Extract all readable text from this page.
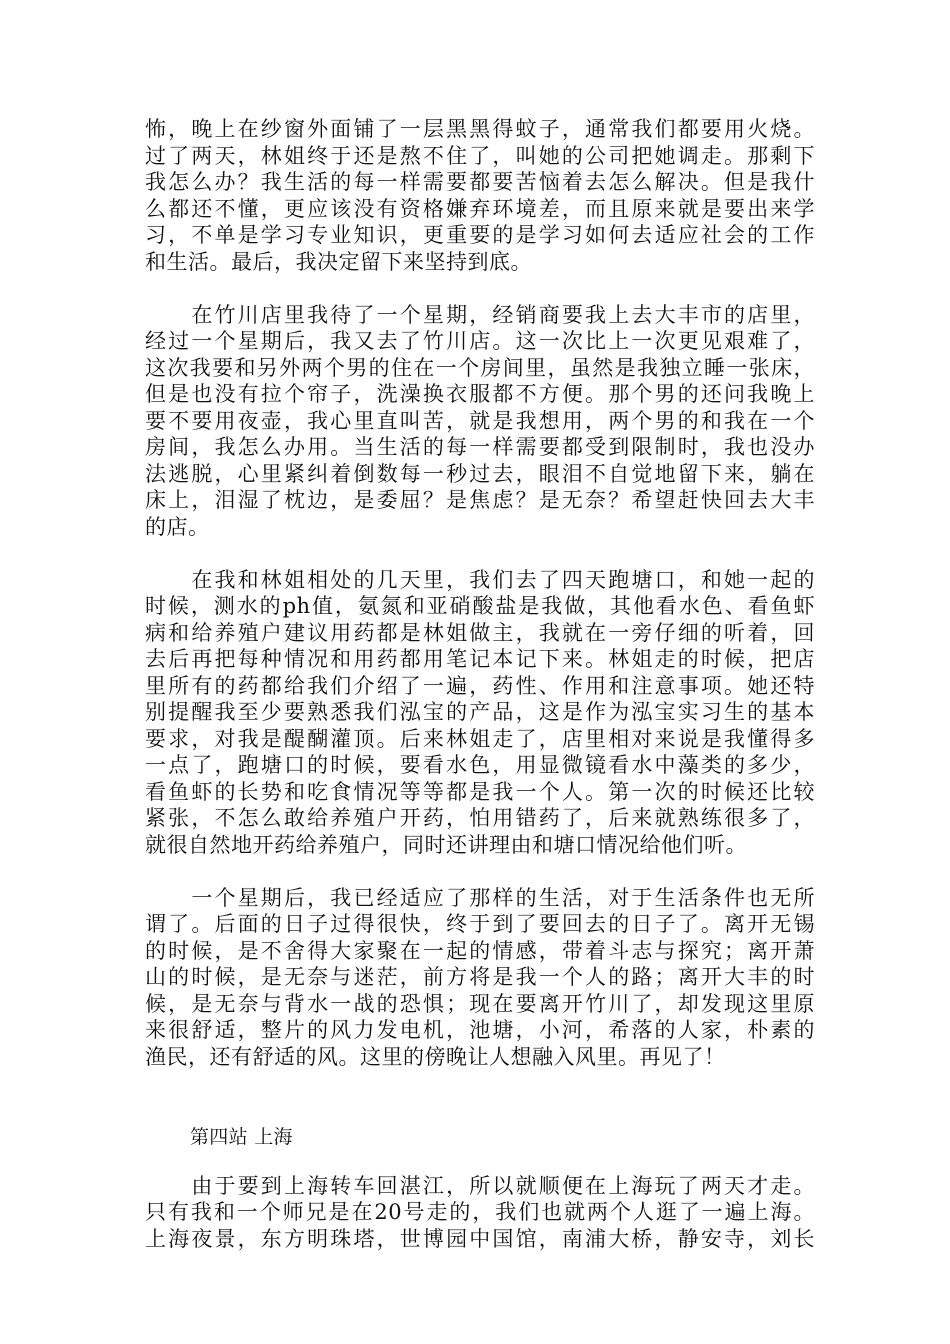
怖，晚上在纱窗外面铺了一层黑黑得蚊子，通常我们都要用火烧。
过了两天，林姐终于还是熬不住了，叫她的公司把她调走。那剩下
我怎么办？我生活的每一样需要都要苦恼着去怎么解决。但是我什
么都还不懂，更应该没有资格嫌弃环境差，而且原来就是要出来学
习，不单是学习专业知识，更重要的是学习如何去适应社会的工作
和生活。最后，我决定留下来坚持到底。
　　在竹川店里我待了一个星期，经销商要我上去大丰市的店里，
经过一个星期后，我又去了竹川店。这一次比上一次更见艰难了，
这次我要和另外两个男的住在一个房间里，虽然是我独立睡一张床，
但是也没有拉个帘子，洗澡换衣服都不方便。那个男的还问我晚上
要不要用夜壶，我心里直叫苦，就是我想用，两个男的和我在一个
房间，我怎么办用。当生活的每一样需要都受到限制时，我也没办
法逃脱，心里紧纠着倒数每一秒过去，眼泪不自觉地留下来，躺在
床上，泪湿了枕边，是委屈？是焦虑？是无奈？希望赶快回去大丰
的店。
　　在我和林姐相处的几天里，我们去了四天跑塘口，和她一起的
时候，测水的ph值，氨氮和亚硝酸盐是我做，其他看水色、看鱼虾
病和给养殖户建议用药都是林姐做主，我就在一旁仔细的听着，回
去后再把每种情况和用药都用笔记本记下来。林姐走的时候，把店
里所有的药都给我们介绍了一遍，药性、作用和注意事项。她还特
别提醒我至少要熟悉我们泓宝的产品，这是作为泓宝实习生的基本
要求，对我是醍醐灌顶。后来林姐走了，店里相对来说是我懂得多
一点了，跑塘口的时候，要看水色，用显微镜看水中藻类的多少，
看鱼虾的长势和吃食情况等等都是我一个人。第一次的时候还比较
紧张，不怎么敢给养殖户开药，怕用错药了，后来就熟练很多了，
就很自然地开药给养殖户，同时还讲理由和塘口情况给他们听。
　　一个星期后，我已经适应了那样的生活，对于生活条件也无所
谓了。后面的日子过得很快，终于到了要回去的日子了。离开无锡
的时候，是不舍得大家聚在一起的情感，带着斗志与探究；离开萧
山的时候，是无奈与迷茫，前方将是我一个人的路；离开大丰的时
候，是无奈与背水一战的恐惧；现在要离开竹川了，却发现这里原
来很舒适，整片的风力发电机，池塘，小河，希落的人家，朴素的
渔民，还有舒适的风。这里的傍晚让人想融入风里。再见了！
第四站 上海
　　由于要到上海转车回湛江，所以就顺便在上海玩了两天才走。
只有我和一个师兄是在20号走的，我们也就两个人逛了一遍上海。
上海夜景，东方明珠塔，世博园中国馆，南浦大桥，静安寺，刘长
